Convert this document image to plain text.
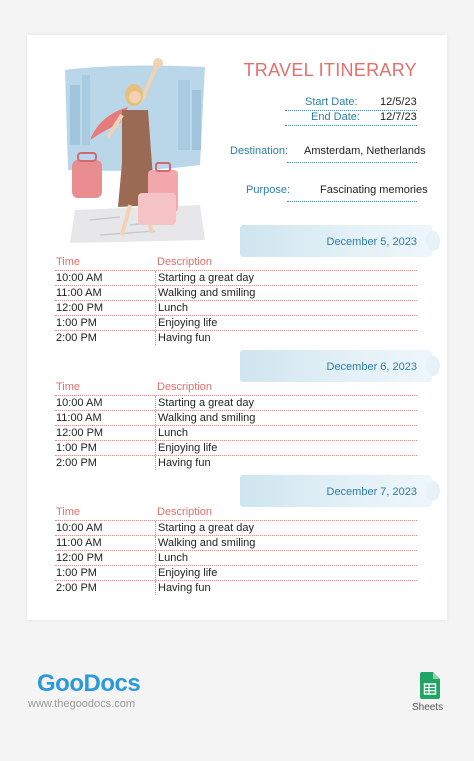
TRAVEL ITINERARY
Start Date: 12/5/23
End Date: 12/7/23
Destination: Amsterdam, Netherlands
Purpose:	Fascinating memories
December 5, 2023
Time	Description
10:00 AM	Starting a great day
11:00 AM	Walking and smiling
12:00 PM	Lunch
1:00 PM	Enjoying life
2:00 PM	Having fun
December 6, 2023
Time	Description
10:00 AM	Starting a great day
11:00 AM	Walking and smiling
12:00 PM	Lunch
1:00 PM	Enjoying life
2:00 PM	Having fun
December 7, 2023
Time	Description
10:00 AM	Starting a great day
11:00 AM	Walking and smiling
12:00 PM	Lunch
1:00 PM	Enjoying life
2:00 PM	Having fun
GooDocs
www.thegoodocs.com	Sheets
